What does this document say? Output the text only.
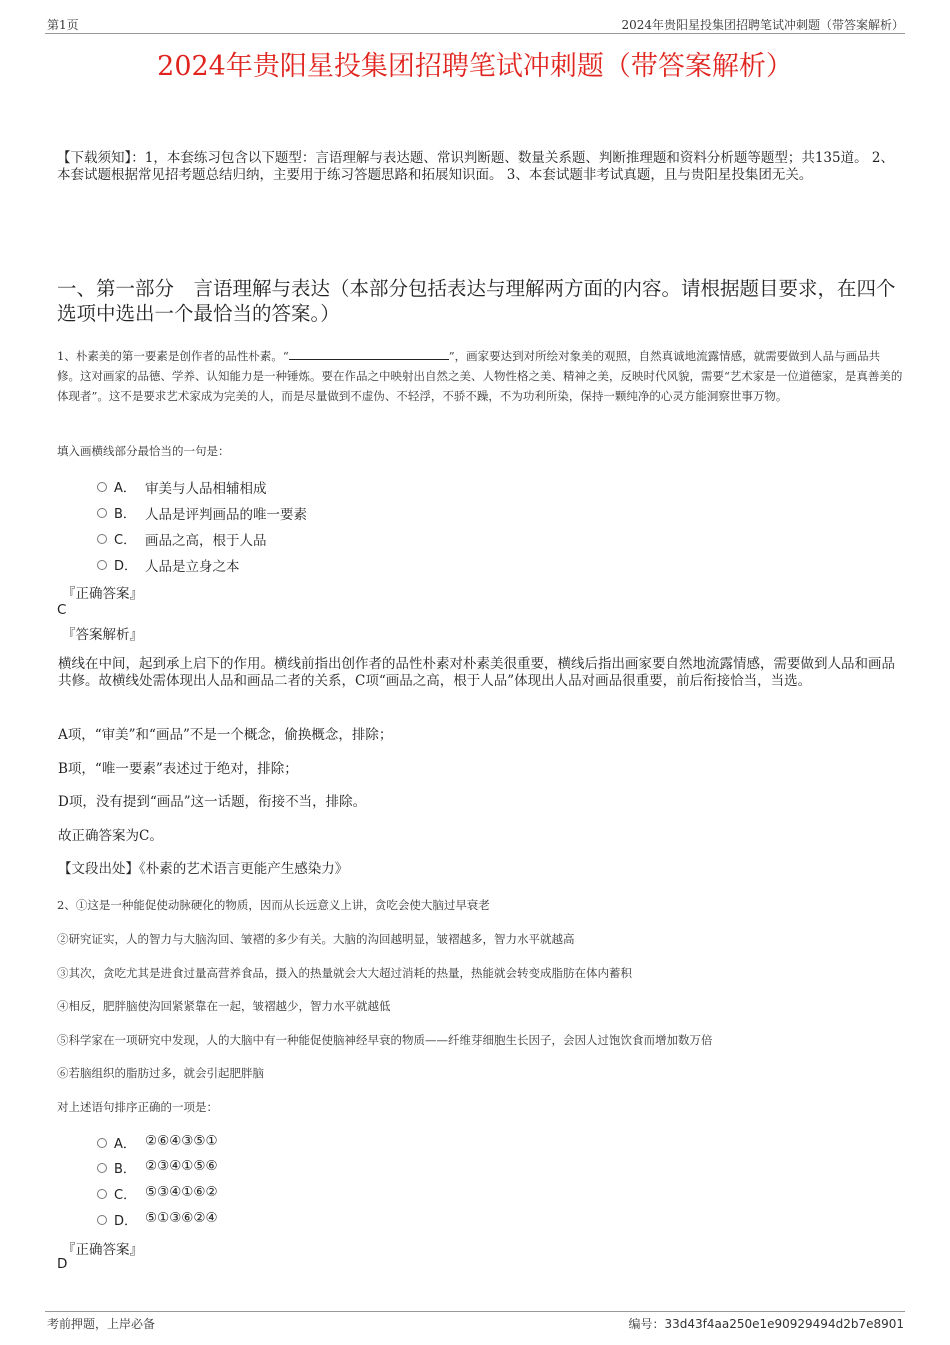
第1页	2024年贵阳星投集团招聘笔试冲刺题（带答案解析）
2024年贵阳星投集团招聘笔试冲刺题（带答案解析）
【下载须知】：1，本套练习包含以下题型：言语理解与表达题、常识判断题、数量关系题、判断推理题和资料分析题等题型；共135道。 2、本套试题根据常见招考题总结归纳，主要用于练习答题思路和拓展知识面。 3、本套试题非考试真题，且与贵阳星投集团无关。
一、第一部分　言语理解与表达（本部分包括表达与理解两方面的内容。请根据题目要求，在四个选项中选出一个最恰当的答案。）
1、朴素美的第一要素是创作者的品性朴素。“	”，画家要达到对所绘对象美的观照，自然真诚地流露情感，就需要做到人品与画品共修。这对画家的品德、学养、认知能力是一种锤炼。要在作品之中映射出自然之美、人物性格之美、精神之美，反映时代风貌，需要“艺术家是一位道德家，是真善美的体现者”。这不是要求艺术家成为完美的人，而是尽量做到不虚伪、不轻浮，不骄不躁，不为功利所染，保持一颗纯净的心灵方能洞察世事万物。
填入画横线部分最恰当的一句是：
A． 审美与人品相辅相成
B． 人品是评判画品的唯一要素
C． 画品之高，根于人品
D． 人品是立身之本
『正确答案』
C
『答案解析』
横线在中间，起到承上启下的作用。横线前指出创作者的品性朴素对朴素美很重要，横线后指出画家要自然地流露情感，需要做到人品和画品共修。故横线处需体现出人品和画品二者的关系，C项“画品之高，根于人品”体现出人品对画品很重要，前后衔接恰当，当选。
A项，“审美”和“画品”不是一个概念，偷换概念，排除；
B项，“唯一要素”表述过于绝对，排除；
D项，没有提到“画品”这一话题，衔接不当，排除。
故正确答案为C。
【文段出处】《朴素的艺术语言更能产生感染力》
2、①这是一种能促使动脉硬化的物质，因而从长远意义上讲，贪吃会使大脑过早衰老
②研究证实，人的智力与大脑沟回、皱褶的多少有关。大脑的沟回越明显，皱褶越多，智力水平就越高
③其次，贪吃尤其是进食过量高营养食品，摄入的热量就会大大超过消耗的热量，热能就会转变成脂肪在体内蓄积
④相反，肥胖脑使沟回紧紧靠在一起，皱褶越少，智力水平就越低
⑤科学家在一项研究中发现，人的大脑中有一种能促使脑神经早衰的物质——纤维芽细胞生长因子，会因人过饱饮食而增加数万倍
⑥若脑组织的脂肪过多，就会引起肥胖脑
对上述语句排序正确的一项是：
A． ②⑥④③⑤①
B． ②③④①⑤⑥
C． ⑤③④①⑥②
D． ⑤①③⑥②④
『正确答案』
D
考前押题，上岸必备	编号：33d43f4aa250e1e90929494d2b7e8901
